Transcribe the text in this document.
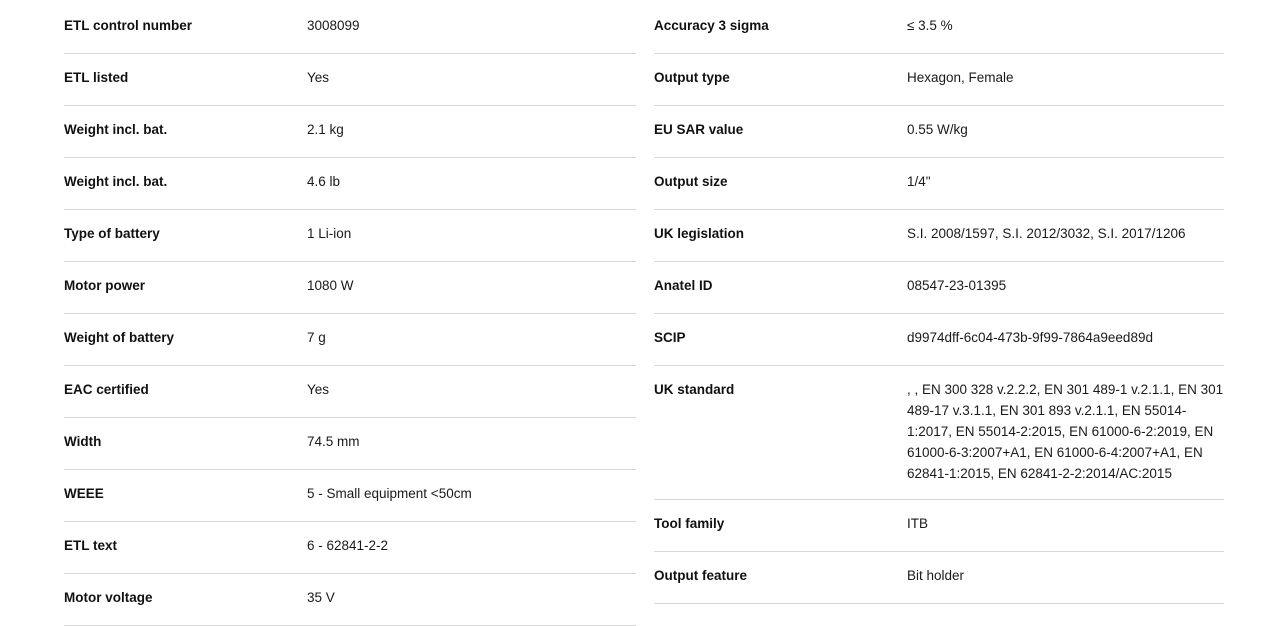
ETL control number	3008099
ETL listed	Yes
Weight incl. bat.	2.1 kg
Weight incl. bat.	4.6 lb
Type of battery	1 Li-ion
Motor power	1080 W
Weight of battery	7 g
EAC certified	Yes
Width	74.5 mm
WEEE	5 - Small equipment <50cm
ETL text	6 - 62841-2-2
Motor voltage	35 V
Accuracy 3 sigma	≤ 3.5 %
Output type	Hexagon, Female
EU SAR value	0.55 W/kg
Output size	1/4"
UK legislation	S.I. 2008/1597, S.I. 2012/3032, S.I. 2017/1206
Anatel ID	08547-23-01395
SCIP	d9974dff-6c04-473b-9f99-7864a9eed89d
UK standard	, , EN 300 328 v.2.2.2, EN 301 489-1 v.2.1.1, EN 301 489-17 v.3.1.1, EN 301 893 v.2.1.1, EN 55014-1:2017, EN 55014-2:2015, EN 61000-6-2:2019, EN 61000-6-3:2007+A1, EN 61000-6-4:2007+A1, EN 62841-1:2015, EN 62841-2-2:2014/AC:2015
Tool family	ITB
Output feature	Bit holder
